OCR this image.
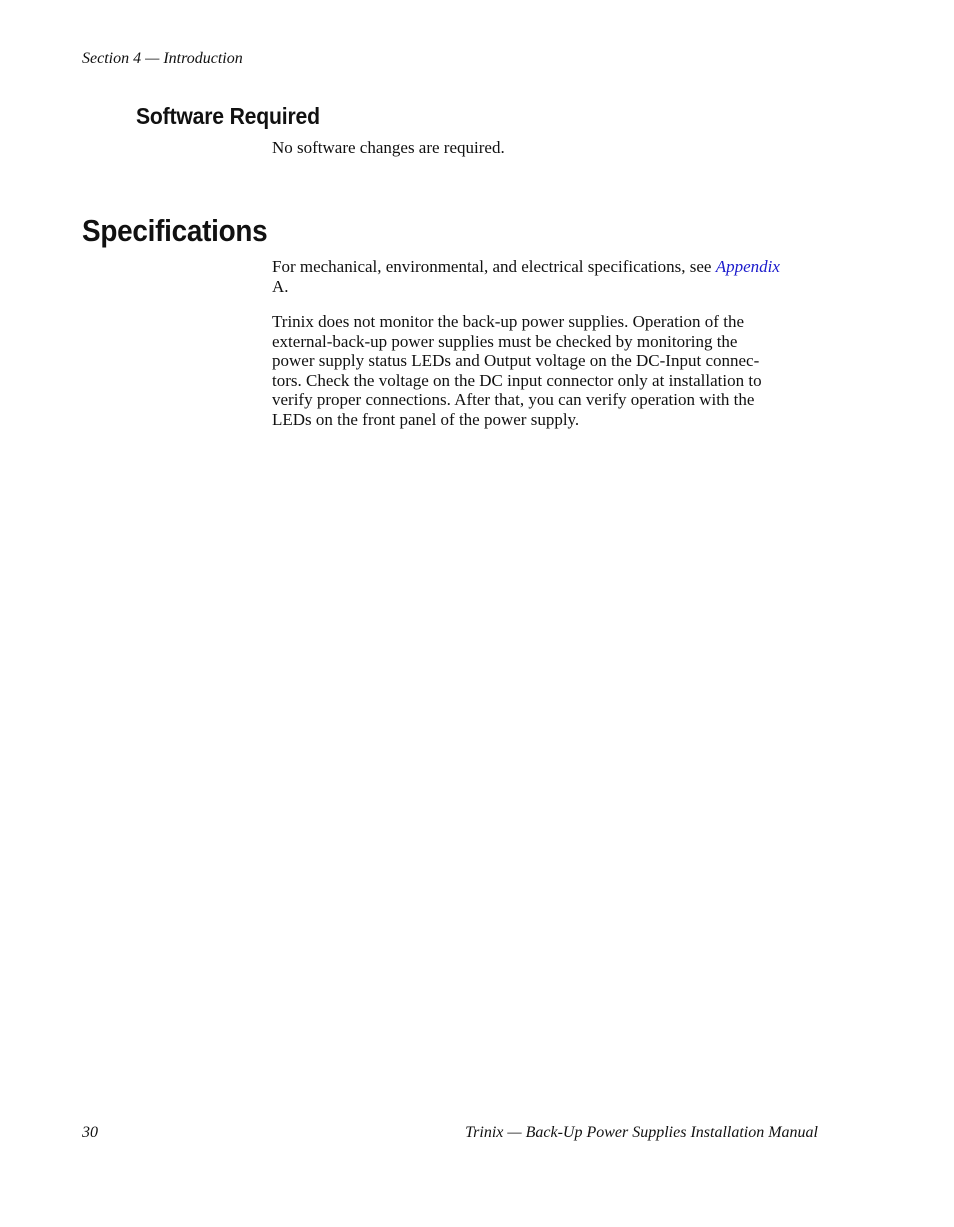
Section 4 — Introduction
Software Required

No software changes are required.

Specifications

For mechanical, environmental, and electrical specifications, see Appendix
A.

Trinix does not monitor the back-up power supplies. Operation of the
external-back-up power supplies must be checked by monitoring the
power supply status LEDs and Output voltage on the DC-Input connec-
tors. Check the voltage on the DC input connector only at installation to
verify proper connections. After that, you can verify operation with the
LEDs on the front panel of the power supply.

30	Trinix — Back-Up Power Supplies Installation Manual
